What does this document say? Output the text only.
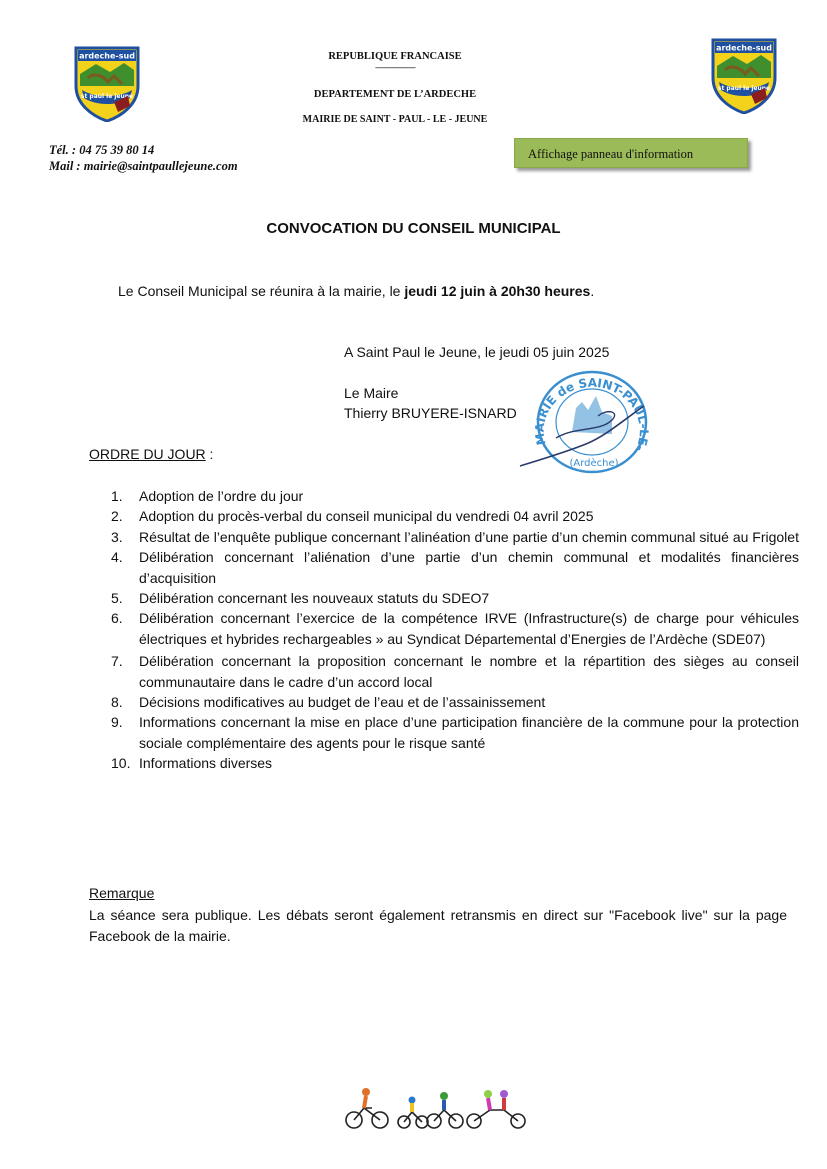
ardeche-sud
st paul le jeune
ardeche-sud
st paul le jeune
REPUBLIQUE FRANCAISE
------------------------
DEPARTEMENT DE L’ARDECHE
MAIRIE DE SAINT - PAUL - LE - JEUNE
Tél. : 04 75 39 80 14
Mail : mairie@saintpaullejeune.com
Affichage panneau d'information
CONVOCATION DU CONSEIL MUNICIPAL
Le Conseil Municipal se réunira à la mairie, le jeudi 12 juin à 20h30 heures.
A Saint Paul le Jeune, le jeudi 05 juin 2025
Le Maire
Thierry BRUYERE-ISNARD
MAIRIE de SAINT-PAUL-LE-
(Ardèche)
ORDRE DU JOUR :
1.	Adoption de l’ordre du jour
2.	Adoption du procès-verbal du conseil municipal du vendredi 04 avril 2025
3.	Résultat de l’enquête publique concernant l’alinéation d’une partie d’un chemin communal situé au Frigolet
4.	Délibération concernant l’aliénation d’une partie d’un chemin communal et modalités financières d’acquisition
5.	Délibération concernant les nouveaux statuts du SDEO7
6.	Délibération concernant l’exercice de la compétence IRVE (Infrastructure(s) de charge pour véhicules électriques et hybrides rechargeables » au Syndicat Départemental d’Energies de l’Ardèche (SDE07)
7.	Délibération concernant la proposition concernant le nombre et la répartition des sièges au conseil communautaire dans le cadre d’un accord local
8.	Décisions modificatives au budget de l’eau et de l’assainissement
9.	Informations concernant la mise en place d’une participation financière de la commune pour la protection sociale complémentaire des agents pour le risque santé
10. Informations diverses
Remarque
La séance sera publique. Les débats seront également retransmis en direct sur "Facebook live" sur la page Facebook de la mairie.
